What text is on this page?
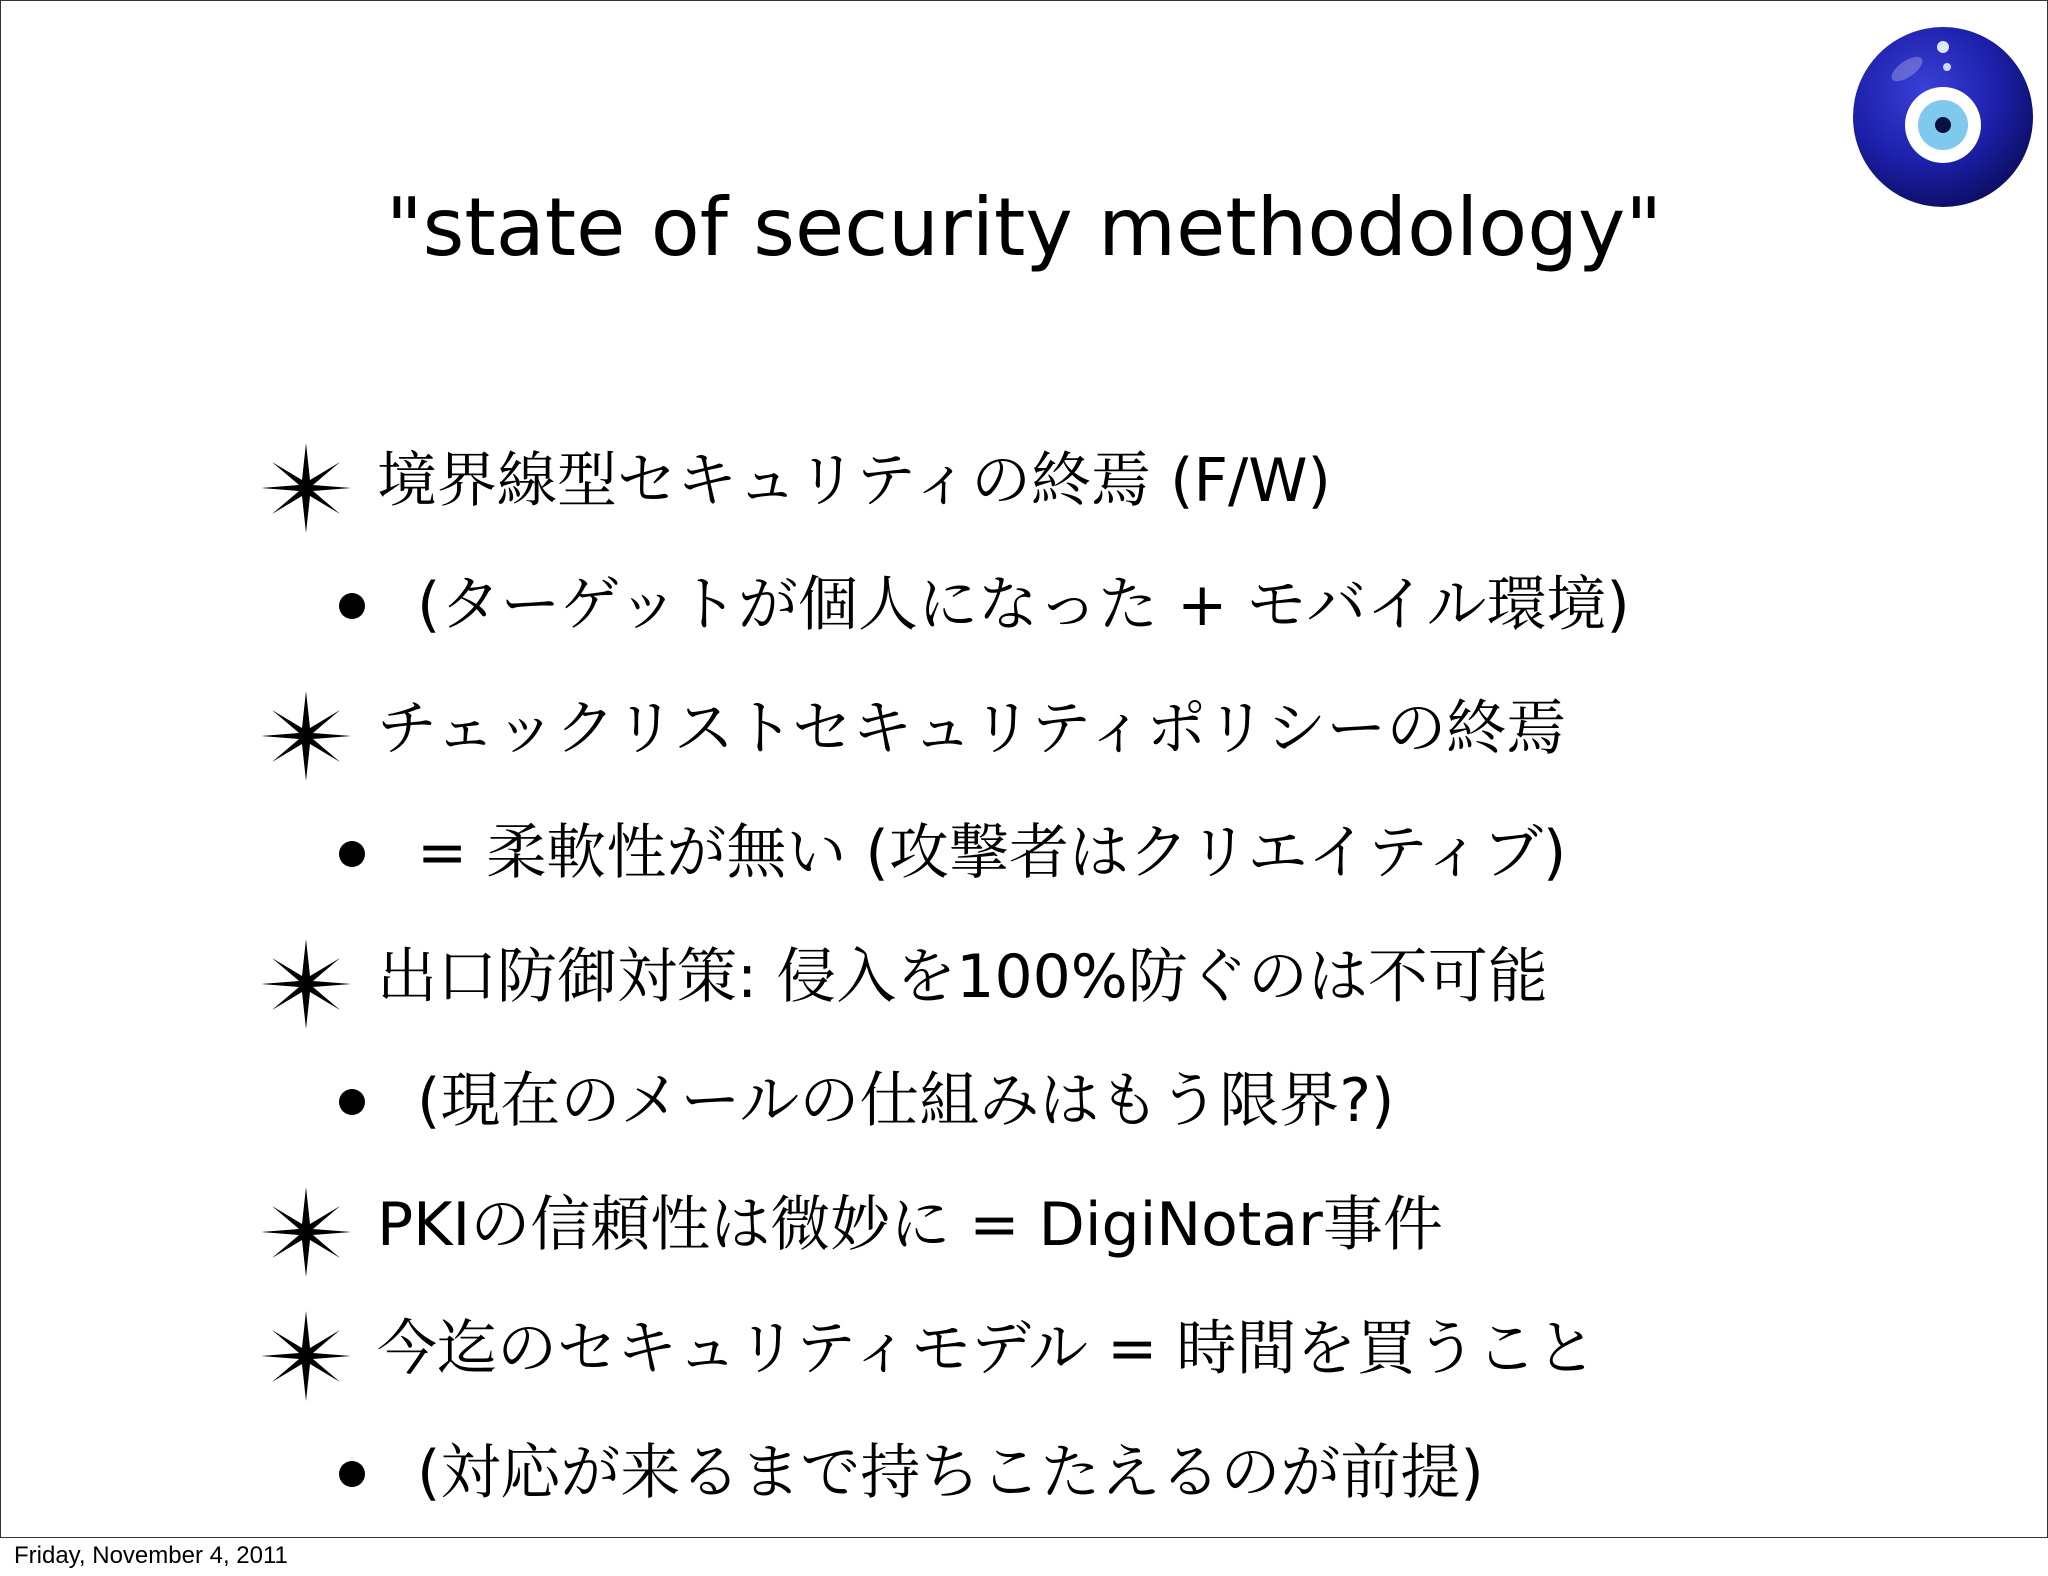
"state of security methodology"
境界線型セキュリティの終焉 (F/W)
(ターゲットが個人になった + モバイル環境)
チェックリストセキュリティポリシーの終焉
= 柔軟性が無い (攻撃者はクリエイティブ)
出口防御対策: 侵入を100%防ぐのは不可能
(現在のメールの仕組みはもう限界?)
PKIの信頼性は微妙に = DigiNotar事件
今迄のセキュリティモデル = 時間を買うこと
(対応が来るまで持ちこたえるのが前提)
Friday, November 4, 2011
